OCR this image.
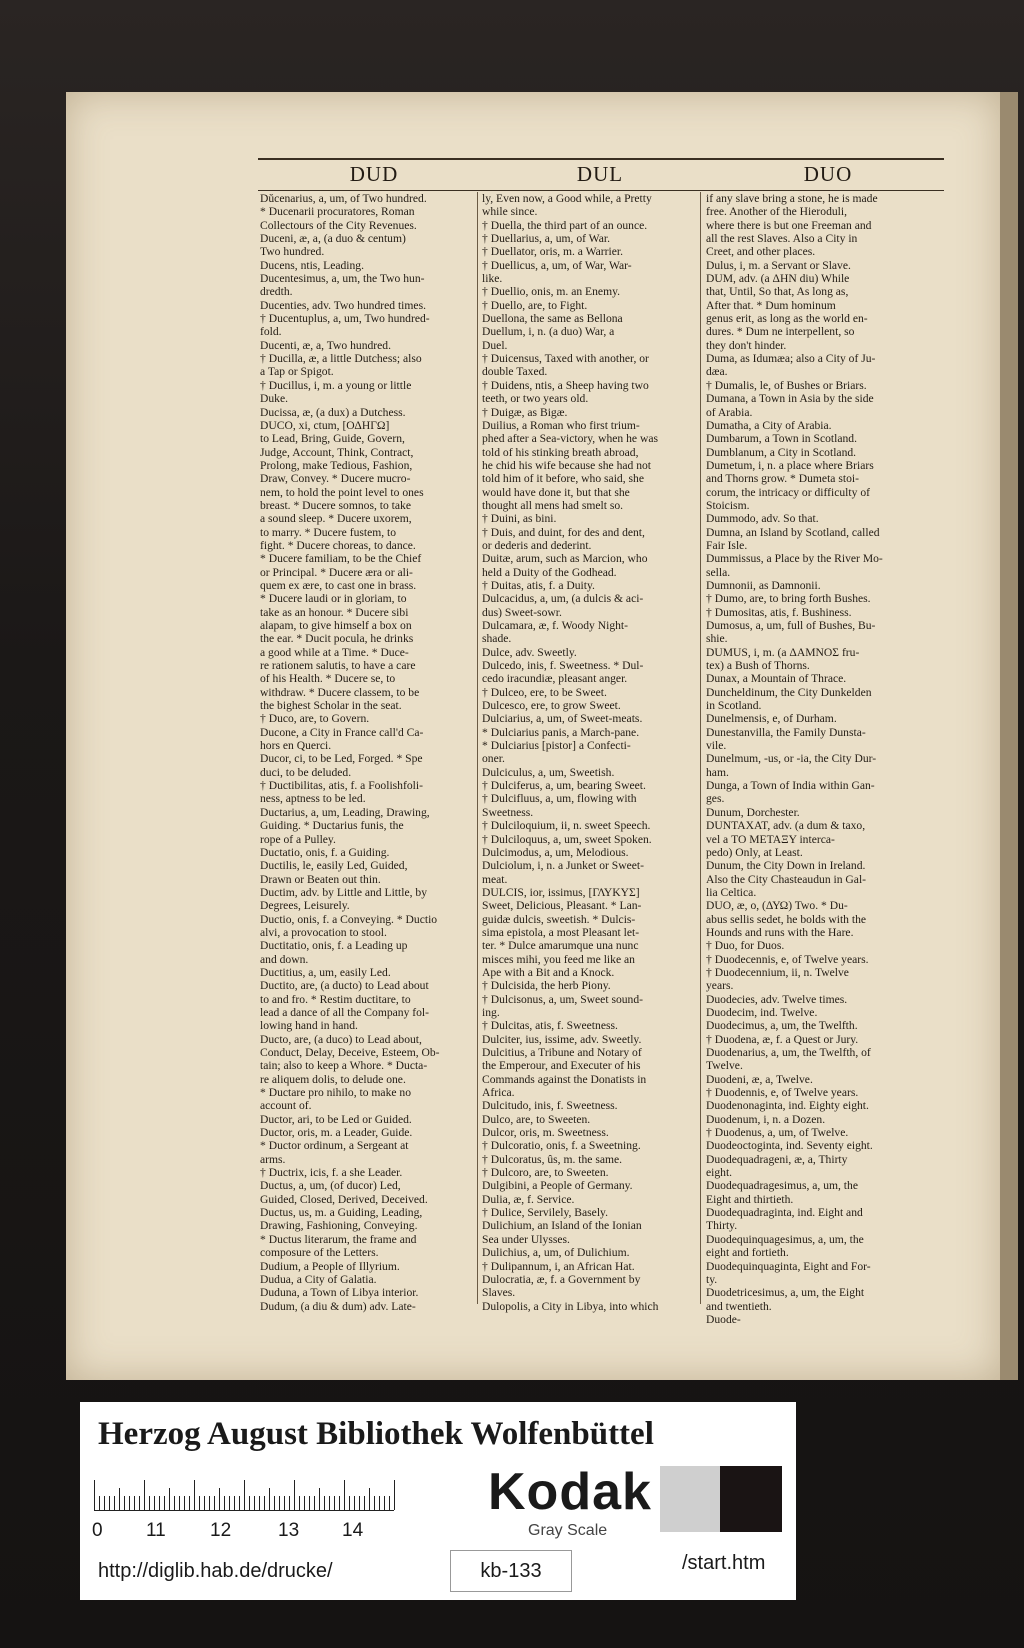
DUD	DUL	DUO
Dŭcenarius, a, um, of Two hundred.
* Ducenarii procuratores, Roman
Collectours of the City Revenues.
Duceni, æ, a, (a duo & centum)
Two hundred.
Ducens, ntis, Leading.
Ducentesimus, a, um, the Two hun-
dredth.
Ducenties, adv. Two hundred times.
† Ducentuplus, a, um, Two hundred-
fold.
Ducenti, æ, a, Two hundred.
† Ducilla, æ, a little Dutchess; also
a Tap or Spigot.
† Ducillus, i, m. a young or little
Duke.
Ducissa, æ, (a dux) a Dutchess.
DUCO, xi, ctum, [ΟΔΗΓΩ]
to Lead, Bring, Guide, Govern,
Judge, Account, Think, Contract,
Prolong, make Tedious, Fashion,
Draw, Convey. * Ducere mucro-
nem, to hold the point level to ones
breast. * Ducere somnos, to take
a sound sleep. * Ducere uxorem,
to marry. * Ducere fustem, to
fight. * Ducere choreas, to dance.
* Ducere familiam, to be the Chief
or Principal. * Ducere æra or ali-
quem ex ære, to cast one in brass.
* Ducere laudi or in gloriam, to
take as an honour. * Ducere sibi
alapam, to give himself a box on
the ear. * Ducit pocula, he drinks
a good while at a Time. * Duce-
re rationem salutis, to have a care
of his Health. * Ducere se, to
withdraw. * Ducere classem, to be
the bighest Scholar in the seat.
† Duco, are, to Govern.
Ducone, a City in France call'd Ca-
hors en Querci.
Ducor, ci, to be Led, Forged. * Spe
duci, to be deluded.
† Ductibilitas, atis, f. a Foolishfoli-
ness, aptness to be led.
Ductarius, a, um, Leading, Drawing,
Guiding. * Ductarius funis, the
rope of a Pulley.
Ductatio, onis, f. a Guiding.
Ductilis, le, easily Led, Guided,
Drawn or Beaten out thin.
Ductim, adv. by Little and Little, by
Degrees, Leisurely.
Ductio, onis, f. a Conveying. * Ductio
alvi, a provocation to stool.
Ductitatio, onis, f. a Leading up
and down.
Ductitius, a, um, easily Led.
Ductito, are, (a ducto) to Lead about
to and fro. * Restim ductitare, to
lead a dance of all the Company fol-
lowing hand in hand.
Ducto, are, (a duco) to Lead about,
Conduct, Delay, Deceive, Esteem, Ob-
tain; also to keep a Whore. * Ducta-
re aliquem dolis, to delude one.
* Ductare pro nihilo, to make no
account of.
Ductor, ari, to be Led or Guided.
Ductor, oris, m. a Leader, Guide.
* Ductor ordinum, a Sergeant at
arms.
† Ductrix, icis, f. a she Leader.
Ductus, a, um, (of ducor) Led,
Guided, Closed, Derived, Deceived.
Ductus, us, m. a Guiding, Leading,
Drawing, Fashioning, Conveying.
* Ductus literarum, the frame and
composure of the Letters.
Dudium, a People of Illyrium.
Dudua, a City of Galatia.
Duduna, a Town of Libya interior.
Dudum, (a diu & dum) adv. Late-
ly, Even now, a Good while, a Pretty
while since.
† Duella, the third part of an ounce.
† Duellarius, a, um, of War.
† Duellator, oris, m. a Warrier.
† Duellicus, a, um, of War, War-
like.
† Duellio, onis, m. an Enemy.
† Duello, are, to Fight.
Duellona, the same as Bellona
Duellum, i, n. (a duo) War, a
Duel.
† Duicensus, Taxed with another, or
double Taxed.
† Duidens, ntis, a Sheep having two
teeth, or two years old.
† Duigæ, as Bigæ.
Duilius, a Roman who first trium-
phed after a Sea-victory, when he was
told of his stinking breath abroad,
he chid his wife because she had not
told him of it before, who said, she
would have done it, but that she
thought all mens had smelt so.
† Duini, as bini.
† Duis, and duint, for des and dent,
or dederis and dederint.
Duitæ, arum, such as Marcion, who
held a Duity of the Godhead.
† Duitas, atis, f. a Duity.
Dulcacidus, a, um, (a dulcis & aci-
dus) Sweet-sowr.
Dulcamara, æ, f. Woody Night-
shade.
Dulce, adv. Sweetly.
Dulcedo, inis, f. Sweetness. * Dul-
cedo iracundiæ, pleasant anger.
† Dulceo, ere, to be Sweet.
Dulcesco, ere, to grow Sweet.
Dulciarius, a, um, of Sweet-meats.
* Dulciarius panis, a March-pane.
* Dulciarius [pistor] a Confecti-
oner.
Dulciculus, a, um, Sweetish.
† Dulciferus, a, um, bearing Sweet.
† Dulcifluus, a, um, flowing with
Sweetness.
† Dulciloquium, ii, n. sweet Speech.
† Dulciloquus, a, um, sweet Spoken.
Dulcimodus, a, um, Melodious.
Dulciolum, i, n. a Junket or Sweet-
meat.
DULCIS, ior, issimus, [ΓΛΥΚΥΣ]
Sweet, Delicious, Pleasant. * Lan-
guidæ dulcis, sweetish. * Dulcis-
sima epistola, a most Pleasant let-
ter. * Dulce amarumque una nunc
misces mihi, you feed me like an
Ape with a Bit and a Knock.
† Dulcisida, the herb Piony.
† Dulcisonus, a, um, Sweet sound-
ing.
† Dulcitas, atis, f. Sweetness.
Dulciter, ius, issime, adv. Sweetly.
Dulcitius, a Tribune and Notary of
the Emperour, and Executer of his
Commands against the Donatists in
Africa.
Dulcitudo, inis, f. Sweetness.
Dulco, are, to Sweeten.
Dulcor, oris, m. Sweetness.
† Dulcoratio, onis, f. a Sweetning.
† Dulcoratus, ûs, m. the same.
† Dulcoro, are, to Sweeten.
Dulgibini, a People of Germany.
Dulia, æ, f. Service.
† Dulice, Servilely, Basely.
Dulichium, an Island of the Ionian
Sea under Ulysses.
Dulichius, a, um, of Dulichium.
† Dulipannum, i, an African Hat.
Dulocratia, æ, f. a Government by
Slaves.
Dulopolis, a City in Libya, into which
if any slave bring a stone, he is made
free. Another of the Hieroduli,
where there is but one Freeman and
all the rest Slaves. Also a City in
Creet, and other places.
Dulus, i, m. a Servant or Slave.
DUM, adv. (a ΔΗΝ diu) While
that, Until, So that, As long as,
After that. * Dum hominum
genus erit, as long as the world en-
dures. * Dum ne interpellent, so
they don't hinder.
Duma, as Idumæa; also a City of Ju-
dæa.
† Dumalis, le, of Bushes or Briars.
Dumana, a Town in Asia by the side
of Arabia.
Dumatha, a City of Arabia.
Dumbarum, a Town in Scotland.
Dumblanum, a City in Scotland.
Dumetum, i, n. a place where Briars
and Thorns grow. * Dumeta stoi-
corum, the intricacy or difficulty of
Stoicism.
Dummodo, adv. So that.
Dumna, an Island by Scotland, called
Fair Isle.
Dummissus, a Place by the River Mo-
sella.
Dumnonii, as Damnonii.
† Dumo, are, to bring forth Bushes.
† Dumositas, atis, f. Bushiness.
Dumosus, a, um, full of Bushes, Bu-
shie.
DUMUS, i, m. (a ΔΑΜΝΟΣ fru-
tex) a Bush of Thorns.
Dunax, a Mountain of Thrace.
Duncheldinum, the City Dunkelden
in Scotland.
Dunelmensis, e, of Durham.
Dunestanvilla, the Family Dunsta-
vile.
Dunelmum, -us, or -ia, the City Dur-
ham.
Dunga, a Town of India within Gan-
ges.
Dunum, Dorchester.
DUNTAXAT, adv. (a dum & taxo,
vel a ΤΟ ΜΕΤΑΞΥ interca-
pedo) Only, at Least.
Dunum, the City Down in Ireland.
Also the City Chasteaudun in Gal-
lia Celtica.
DUO, æ, o, (ΔΥΩ) Two. * Du-
abus sellis sedet, he bolds with the
Hounds and runs with the Hare.
† Duo, for Duos.
† Duodecennis, e, of Twelve years.
† Duodecennium, ii, n. Twelve
years.
Duodecies, adv. Twelve times.
Duodecim, ind. Twelve.
Duodecimus, a, um, the Twelfth.
† Duodena, æ, f. a Quest or Jury.
Duodenarius, a, um, the Twelfth, of
Twelve.
Duodeni, æ, a, Twelve.
† Duodennis, e, of Twelve years.
Duodenonaginta, ind. Eighty eight.
Duodenum, i, n. a Dozen.
† Duodenus, a, um, of Twelve.
Duodeoctoginta, ind. Seventy eight.
Duodequadrageni, æ, a, Thirty
eight.
Duodequadragesimus, a, um, the
Eight and thirtieth.
Duodequadraginta, ind. Eight and
Thirty.
Duodequinquagesimus, a, um, the
eight and fortieth.
Duodequinquaginta, Eight and For-
ty.
Duodetricesimus, a, um, the Eight
and twentieth.
Duode-
Herzog August Bibliothek Wolfenbüttel
0 11 12 13 14
Kodak
Gray Scale
kb-133
http://diglib.hab.de/drucke/	/start.htm
